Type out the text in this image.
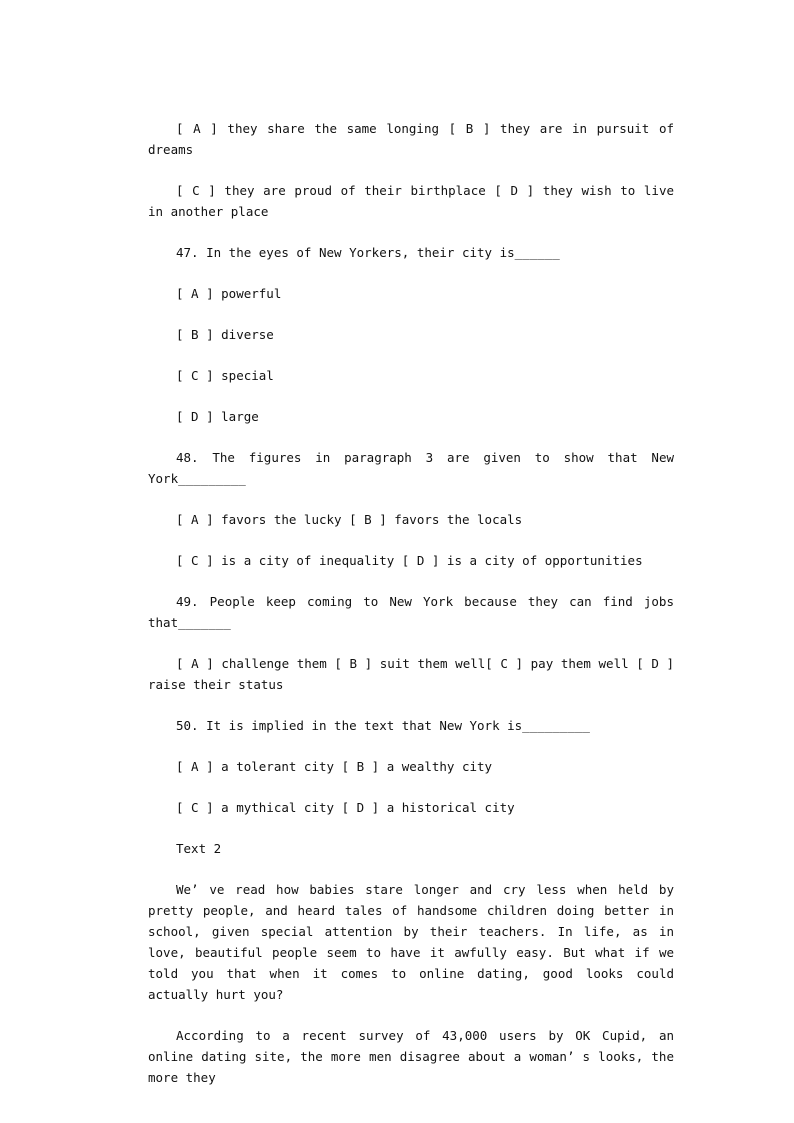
[ A ] they share the same longing [ B ] they are in pursuit of dreams

[ C ] they are proud of their birthplace [ D ] they wish to live in another place

47. In the eyes of New Yorkers, their city is______

[ A ] powerful

[ B ] diverse

[ C ] special

[ D ] large

48. The figures in paragraph 3 are given to show that New York_________

[ A ] favors the lucky [ B ] favors the locals

[ C ] is a city of inequality [ D ] is a city of opportunities

49. People keep coming to New York because they can find jobs that_______

[ A ] challenge them [ B ] suit them well[ C ] pay them well [ D ] raise their status

50. It is implied in the text that New York is_________

[ A ] a tolerant city [ B ] a wealthy city

[ C ] a mythical city [ D ] a historical city

Text 2

We’ ve read how babies stare longer and cry less when held by pretty people, and heard tales of handsome children doing better in school, given special attention by their teachers. In life, as in love, beautiful people seem to have it awfully easy. But what if we told you that when it comes to online dating, good looks could actually hurt you?

According to a recent survey of 43,000 users by OK Cupid, an online dating site, the more men disagree about a woman’ s looks, the more they
